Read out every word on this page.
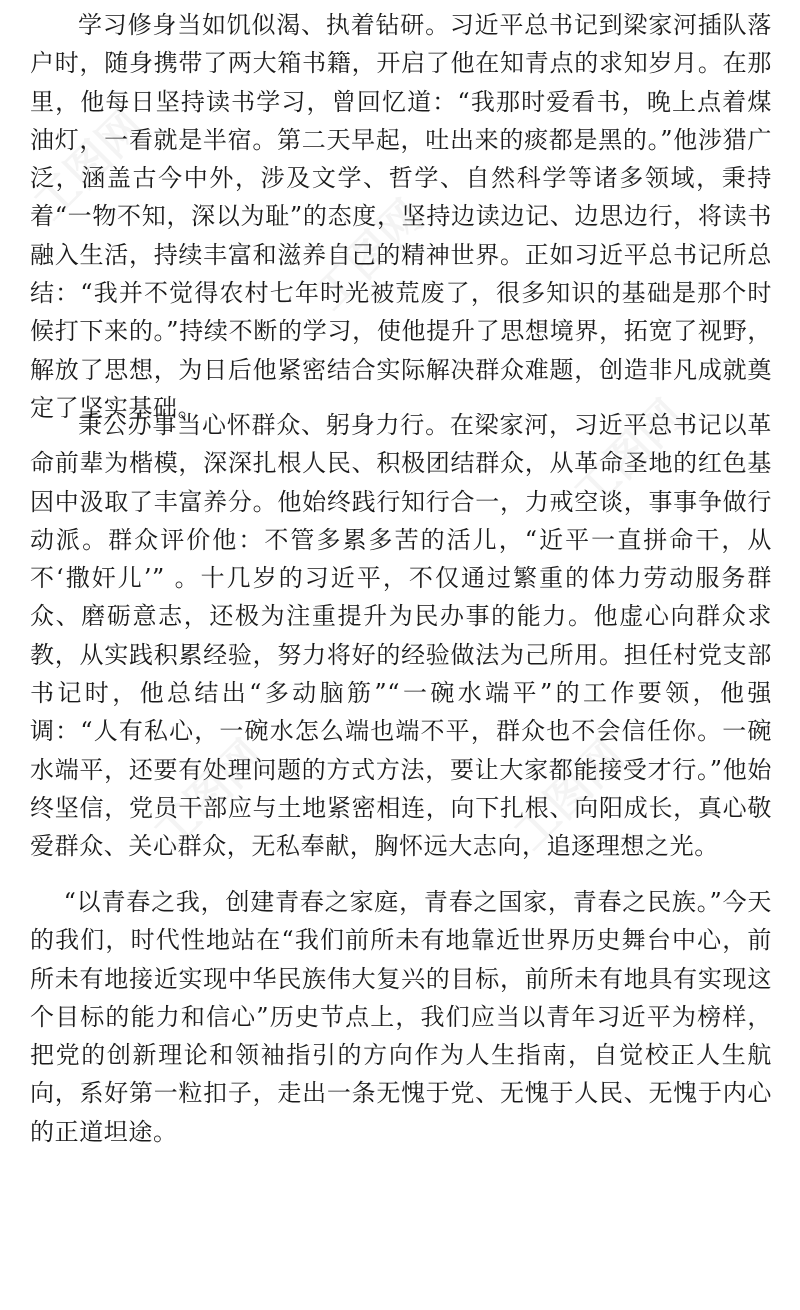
学习修身当如饥似渴、执着钻研。习近平总书记到梁家河插队落户时，随身携带了两大箱书籍，开启了他在知青点的求知岁月。在那里，他每日坚持读书学习，曾回忆道：“我那时爱看书，晚上点着煤油灯，一看就是半宿。第二天早起，吐出来的痰都是黑的。”他涉猎广泛，涵盖古今中外，涉及文学、哲学、自然科学等诸多领域，秉持着“一物不知，深以为耻”的态度，坚持边读边记、边思边行，将读书融入生活，持续丰富和滋养自己的精神世界。正如习近平总书记所总结：“我并不觉得农村七年时光被荒废了，很多知识的基础是那个时候打下来的。”持续不断的学习，使他提升了思想境界，拓宽了视野，解放了思想，为日后他紧密结合实际解决群众难题，创造非凡成就奠定了坚实基础。

秉公办事当心怀群众、躬身力行。在梁家河，习近平总书记以革命前辈为楷模，深深扎根人民、积极团结群众，从革命圣地的红色基因中汲取了丰富养分。他始终践行知行合一，力戒空谈，事事争做行动派。群众评价他：不管多累多苦的活儿，“近平一直拼命干，从不‘撒奸儿’” 。十几岁的习近平，不仅通过繁重的体力劳动服务群众、磨砺意志，还极为注重提升为民办事的能力。他虚心向群众求教，从实践积累经验，努力将好的经验做法为己所用。担任村党支部书记时，他总结出“多动脑筋”“一碗水端平”的工作要领，他强调：“人有私心，一碗水怎么端也端不平，群众也不会信任你。一碗水端平，还要有处理问题的方式方法，要让大家都能接受才行。”他始终坚信，党员干部应与土地紧密相连，向下扎根、向阳成长，真心敬爱群众、关心群众，无私奉献，胸怀远大志向，追逐理想之光。

“以青春之我，创建青春之家庭，青春之国家，青春之民族。”今天的我们，时代性地站在“我们前所未有地靠近世界历史舞台中心，前所未有地接近实现中华民族伟大复兴的目标，前所未有地具有实现这个目标的能力和信心”历史节点上，我们应当以青年习近平为榜样，把党的创新理论和领袖指引的方向作为人生指南，自觉校正人生航向，系好第一粒扣子，走出一条无愧于党、无愧于人民、无愧于内心的正道坦途。
